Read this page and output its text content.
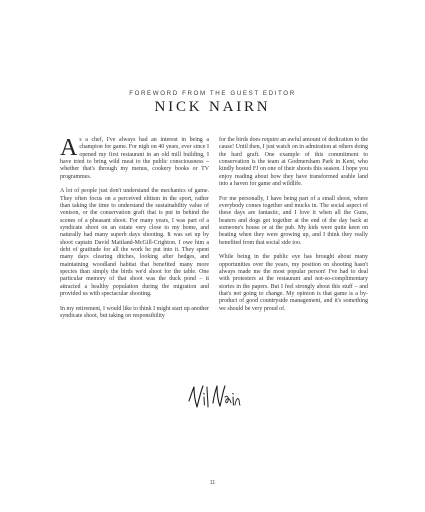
FOREWORD FROM THE GUEST EDITOR
NICK NAIRN

As a chef, I've always had an interest in being a champion for game. For nigh on 40 years, ever since I opened my first restaurant in an old mill building, I have tried to bring wild meat to the public consciousness – whether that's through my menus, cookery books or TV programmes.

A lot of people just don't understand the mechanics of game. They often focus on a perceived elitism in the sport, rather than taking the time to understand the sustainability value of venison, or the conservation graft that is put in behind the scenes of a pheasant shoot. For many years, I was part of a syndicate shoot on an estate very close to my home, and naturally had many superb days shooting. It was set up by shoot captain David Maitland-McGill-Crighton. I owe him a debt of gratitude for all the work he put into it. They spent many days clearing ditches, looking after hedges, and maintaining woodland habitat that benefited many more species than simply the birds we'd shoot for the table. One particular memory of that shoot was the duck pond – it attracted a healthy population during the migration and provided us with spectacular shooting.

In my retirement, I would like to think I might start up another syndicate shoot, but taking on responsibility

for the birds does require an awful amount of dedication to the cause! Until then, I just watch on in admiration at others doing the hard graft. One example of this commitment to conservation is the team at Godmersham Park in Kent, who kindly hosted FJ on one of their shoots this season. I hope you enjoy reading about how they have transformed arable land into a haven for game and wildlife.

For me personally, I have being part of a small shoot, where everybody comes together and mucks in. The social aspect of these days are fantastic, and I love it when all the Guns, beaters and dogs get together at the end of the day back at someone's house or at the pub. My kids were quite keen on beating when they were growing up, and I think they really benefited from that social side too.

While being in the public eye has brought about many opportunities over the years, my position on shooting hasn't always made me the most popular person! I've had to deal with protesters at the restaurant and not-so-complimentary stories in the papers. But I feel strongly about this stuff – and that's not going to change. My opinion is that game is a by-product of good countryside management, and it's something we should be very proud of.

11
